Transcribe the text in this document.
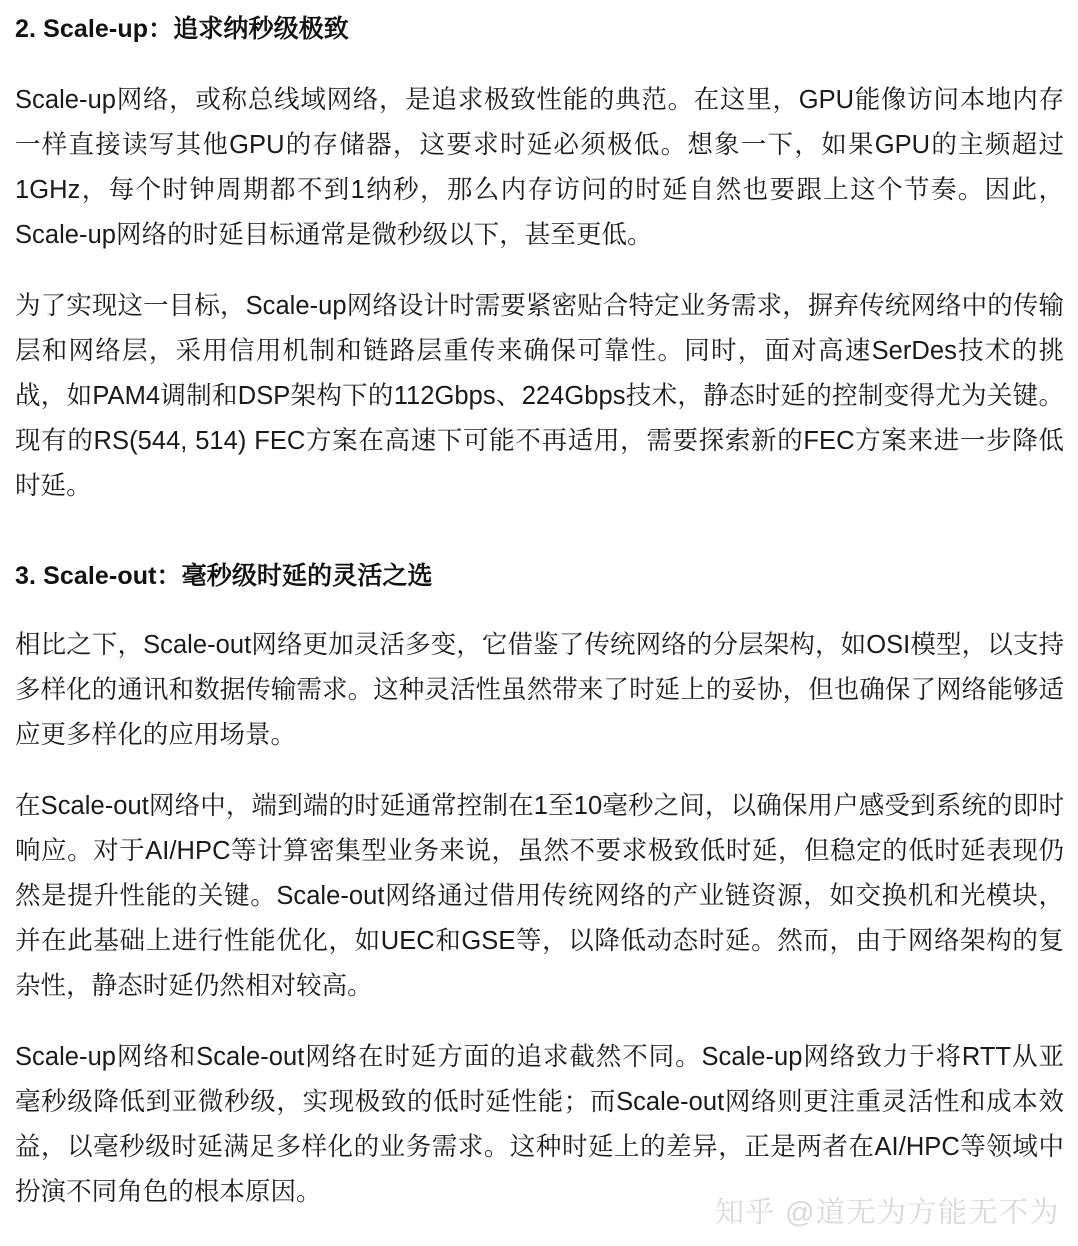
2. Scale-up：追求纳秒级极致

Scale-up网络，或称总线域网络，是追求极致性能的典范。在这里，GPU能像访问本地内存一样直接读写其他GPU的存储器，这要求时延必须极低。想象一下，如果GPU的主频超过1GHz，每个时钟周期都不到1纳秒，那么内存访问的时延自然也要跟上这个节奏。因此，Scale-up网络的时延目标通常是微秒级以下，甚至更低。

为了实现这一目标，Scale-up网络设计时需要紧密贴合特定业务需求，摒弃传统网络中的传输层和网络层，采用信用机制和链路层重传来确保可靠性。同时，面对高速SerDes技术的挑战，如PAM4调制和DSP架构下的112Gbps、224Gbps技术，静态时延的控制变得尤为关键。现有的RS(544, 514) FEC方案在高速下可能不再适用，需要探索新的FEC方案来进一步降低时延。

3. Scale-out：毫秒级时延的灵活之选

相比之下，Scale-out网络更加灵活多变，它借鉴了传统网络的分层架构，如OSI模型，以支持多样化的通讯和数据传输需求。这种灵活性虽然带来了时延上的妥协，但也确保了网络能够适应更多样化的应用场景。

在Scale-out网络中，端到端的时延通常控制在1至10毫秒之间，以确保用户感受到系统的即时响应。对于AI/HPC等计算密集型业务来说，虽然不要求极致低时延，但稳定的低时延表现仍然是提升性能的关键。Scale-out网络通过借用传统网络的产业链资源，如交换机和光模块，并在此基础上进行性能优化，如UEC和GSE等，以降低动态时延。然而，由于网络架构的复杂性，静态时延仍然相对较高。

Scale-up网络和Scale-out网络在时延方面的追求截然不同。Scale-up网络致力于将RTT从亚毫秒级降低到亚微秒级，实现极致的低时延性能；而Scale-out网络则更注重灵活性和成本效益，以毫秒级时延满足多样化的业务需求。这种时延上的差异，正是两者在AI/HPC等领域中扮演不同角色的根本原因。

知乎 @道无为方能无不为
